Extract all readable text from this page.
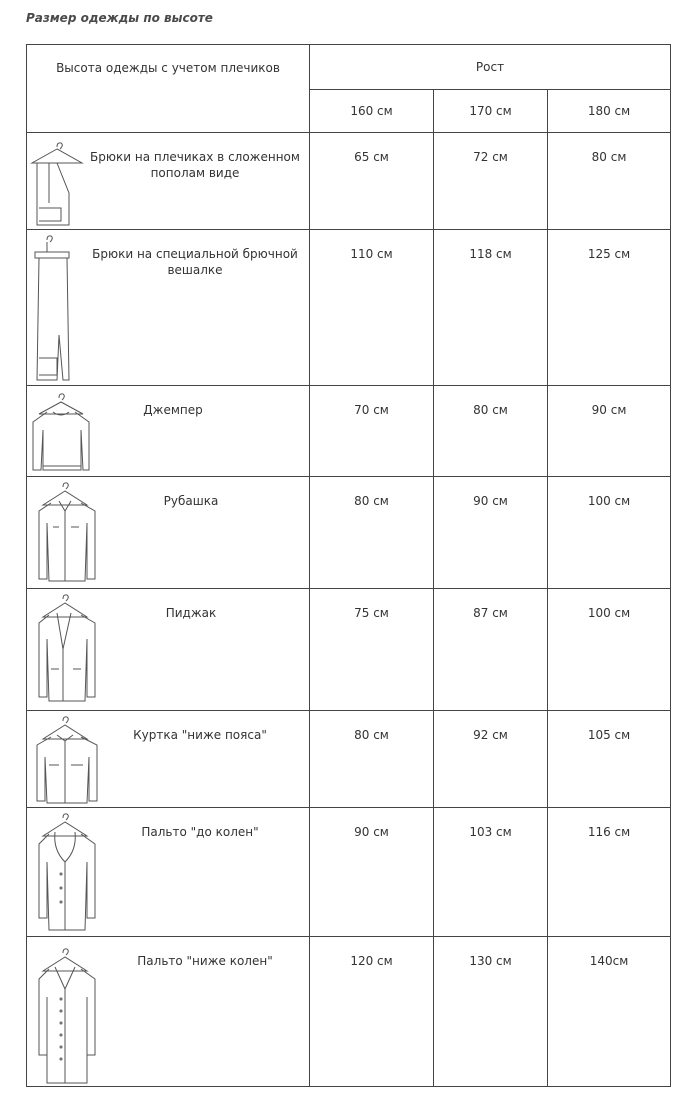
Размер одежды по высоте

Высота одежды с учетом плечиков	Рост		
	160 см	170 см	180 см

Брюки на плечиках в сложенном пополам виде	65 см	72 см	80 см

Брюки на специальной брючной вешалке	110 см	118 см	125 см

Джемпер	70 см	80 см	90 см

Рубашка	80 см	90 см	100 см

Пиджак	75 см	87 см	100 см

Куртка "ниже пояса"	80 см	92 см	105 см

Пальто "до колен"	90 см	103 см	116 см

Пальто "ниже колен"	120 см	130 см	140см
